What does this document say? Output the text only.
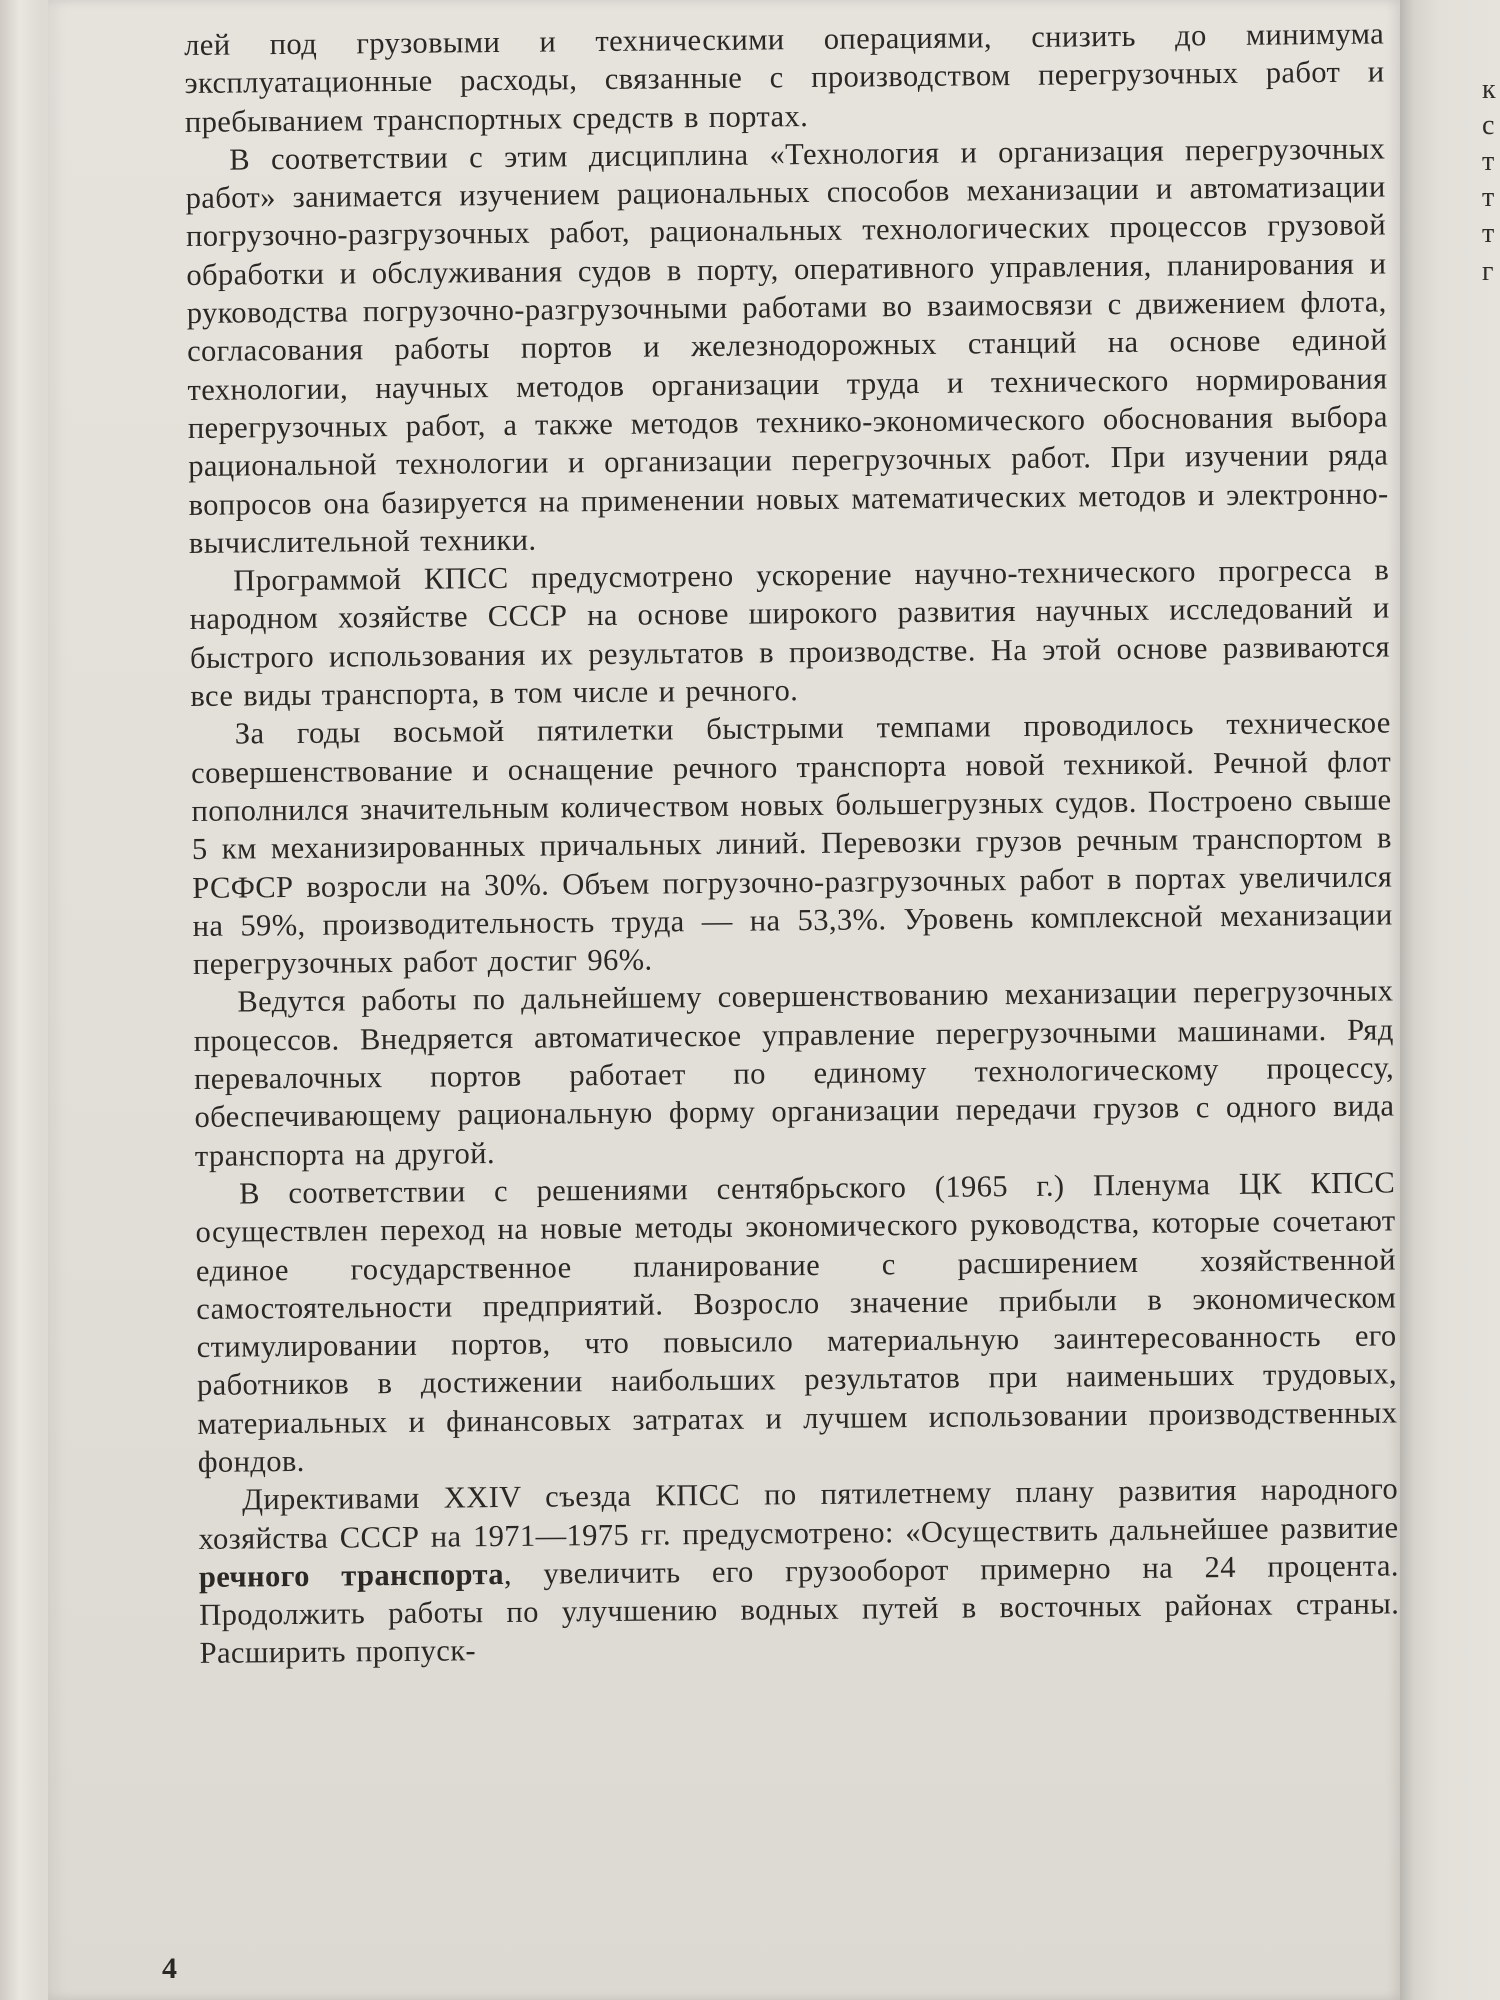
к
с
т
т
т
г

лей под грузовыми и техническими операциями, снизить до минимума эксплуатационные расходы, связанные с производством перегрузочных работ и пребыванием транспортных средств в портах.

В соответствии с этим дисциплина «Технология и организация перегрузочных работ» занимается изучением рациональных способов механизации и автоматизации погрузочно-разгрузочных работ, рациональных технологических процессов грузовой обработки и обслуживания судов в порту, оперативного управления, планирования и руководства погрузочно-разгрузочными работами во взаимосвязи с движением флота, согласования работы портов и железнодорожных станций на основе единой технологии, научных методов организации труда и технического нормирования перегрузочных работ, а также методов технико-экономического обоснования выбора рациональной технологии и организации перегрузочных работ. При изучении ряда вопросов она базируется на применении новых математических методов и электронно-вычислительной техники.

Программой КПСС предусмотрено ускорение научно-технического прогресса в народном хозяйстве СССР на основе широкого развития научных исследований и быстрого использования их результатов в производстве. На этой основе развиваются все виды транспорта, в том числе и речного.

За годы восьмой пятилетки быстрыми темпами проводилось техническое совершенствование и оснащение речного транспорта новой техникой. Речной флот пополнился значительным количеством новых большегрузных судов. Построено свыше 5 км механизированных причальных линий. Перевозки грузов речным транспортом в РСФСР возросли на 30%. Объем погрузочно-разгрузочных работ в портах увеличился на 59%, производительность труда — на 53,3%. Уровень комплексной механизации перегрузочных работ достиг 96%.

Ведутся работы по дальнейшему совершенствованию механизации перегрузочных процессов. Внедряется автоматическое управление перегрузочными машинами. Ряд перевалочных портов работает по единому технологическому процессу, обеспечивающему рациональную форму организации передачи грузов с одного вида транспорта на другой.

В соответствии с решениями сентябрьского (1965 г.) Пленума ЦК КПСС осуществлен переход на новые методы экономического руководства, которые сочетают единое государственное планирование с расширением хозяйственной самостоятельности предприятий. Возросло значение прибыли в экономическом стимулировании портов, что повысило материальную заинтересованность его работников в достижении наибольших результатов при наименьших трудовых, материальных и финансовых затратах и лучшем использовании производственных фондов.

Директивами XXIV съезда КПСС по пятилетнему плану развития народного хозяйства СССР на 1971—1975 гг. предусмотрено: «Осуществить дальнейшее развитие речного транспорта, увеличить его грузооборот примерно на 24 процента. Продолжить работы по улучшению водных путей в восточных районах страны. Расширить пропуск-

4
